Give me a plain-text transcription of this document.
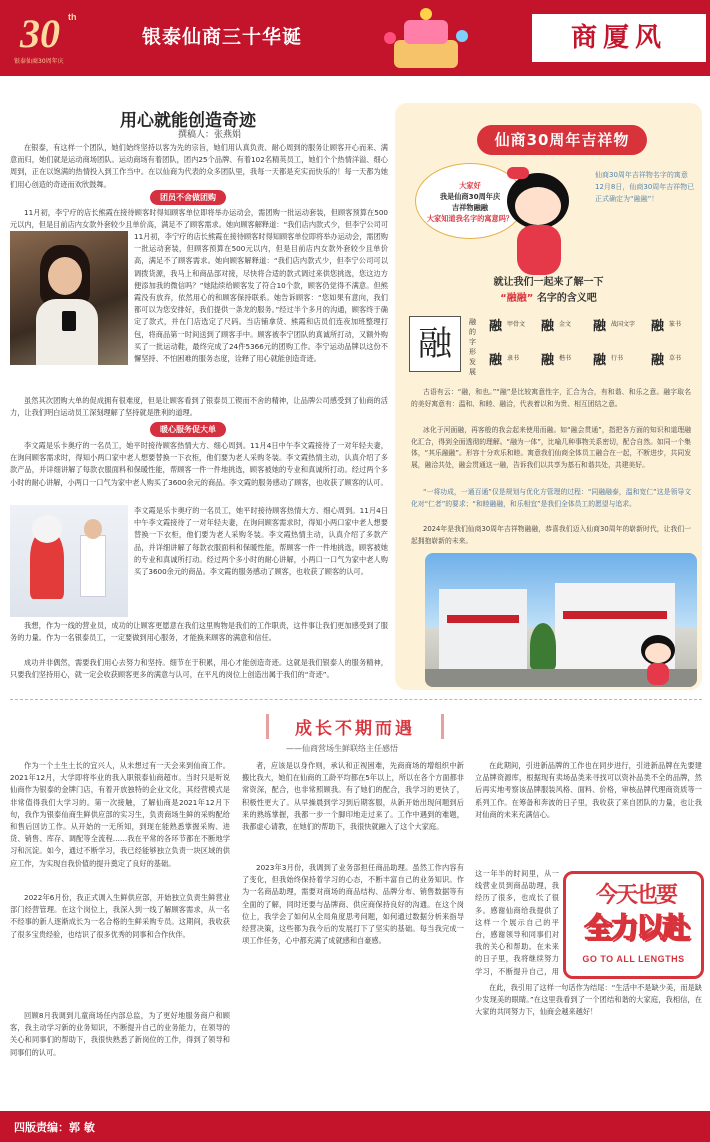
30 th
银泰仙商30周年庆
银泰仙商三十华诞	商厦风
用心就能创造奇迹
撰稿人：张燕娟
在银泰，有这样一个团队，她们始终坚持以客为先的宗旨，她们用认真负责、耐心周到的服务让顾客开心而来、满意而归，她们就是运动商场团队。运动商场有着团队，团内25个品牌、有着102名精英员工，她们个个热情洋溢、细心周到，正在以饱满的热情投入到工作当中。在以仙商为代表的众多团队里，我每一天都是充实而快乐的！每一天都为她们用心创造的奇迹而欢欣鼓舞。
团员不舍做团购
11月初，李宁疗的店长熊霞在接待顾客时得知顾客单位即将举办运动会，需团购一批运动套装，但顾客预算在500元以内，但是目前店内女款外套较少且单价高，满足不了顾客需求。她向顾客解释道：“我们店内款式少，但李宁公司可
11月初，李宁疗的店长熊霞在接待顾客时得知顾客单位即将举办运动会，需团购一批运动套装，但顾客预算在500元以内，但是目前店内女款外套较少且单价高，满足不了顾客需求。她向顾客解释道：“我们店内款式少，但李宁公司可以调拨货源，我马上和商品部对接，尽快将合适的款式调过来供您挑选，您这边方便添加我的微信吗？”她陆续给顾客发了符合10个款，顾客仍觉得不满意。但熊霞没有放弃，依然用心的和顾客保持联系。她告诉顾客：“您如果有意向，我们都可以为您安排好，我们提供一条龙的服务。”经过半个多月的沟通，顾客终于确定了款式，并在门店选定了尺码。当店铺拿货、熊霞和店员们连夜加班整理打包，将商品第一时间送到了顾客手中。顾客被李宁团队的真诚所打动，又额外购买了一批运动鞋，最终完成了24件5366元的团购工作。李宁运动品牌以这份不懈坚持、不怕困难的服务态度，诠释了用心就能创造奇迹。
虽然其次团购大单的促成拥有很难度，但是让顾客看到了银泰员工锲而不舍的精神，让品牌公司感受到了仙商的活力，让我们明白运动员工深刻理解了坚持就是胜利的道理。
暖心服务促大单
李文霞是乐卡奥疗的一名员工，她平时接待顾客热情大方、细心周到。11月4日中午李文霞接待了一对年轻夫妻，在询问顾客需求时，得知小两口家中老人想要替换一下衣柜，他们要为老人采购冬装。李文霞热情主动，认真介绍了多款产品，并详细讲解了每款衣服面料和保暖性能，帮顾客一件一件地挑选，顾客被她的专业和真诚所打动。经过两个多小时的耐心讲解，小两口一口气为家中老人购买了3600余元的商品。李文霞的服务感动了顾客，也收获了顾客的认可。
李文霞是乐卡奥疗的一名员工，她平时接待顾客热情大方、细心周到。11月4日中午李文霞接待了一对年轻夫妻，在询问顾客需求时，得知小两口家中老人想要替换一下衣柜，他们要为老人采购冬装。李文霞热情主动，认真介绍了多款产品，并详细讲解了每款衣服面料和保暖性能，帮顾客一件一件地挑选，顾客被她的专业和真诚所打动。经过两个多小时的耐心讲解，小两口一口气为家中老人购买了3600余元的商品。李文霞的服务感动了顾客，也收获了顾客的认可。
我想，作为一线的营业员，成功的让顾客更愿意在我们这里购物是我们的工作职责，这件事让我们更加感受到了服务的力量。作为一名银泰员工，一定要做到用心服务，才能换来顾客的满意和信任。
成功并非偶然，需要我们用心去努力和坚持。细节在于积累，用心才能创造奇迹。这就是我们银泰人的服务精神，只要我们坚持用心，就一定会收获顾客更多的满意与认可，在平凡的岗位上创造出属于我们的“奇迹”。
仙商30周年吉祥物
大家好
我是仙商30周年庆
吉祥物融融
大家知道我名字的寓意吗？
仙商30周年吉祥物名字的寓意12月8日，仙商30周年吉祥物已正式确定为“融融”！
就让我们一起来了解一下
“融融” 名字的含义吧
融
融的字形发展
融 甲骨文 融 金文 融 战国文字 融 篆书
融 隶书 融 楷书 融 行书 融 草书
古语有云：“融，和也。”“融”是比较寓意性字，汇合为合，有和谐、和乐之意。融字取名的美好寓意有：温和、和睦、融洽，代表着以和为贵、相互团结之意。
冰化于河面融，再客般的我会起来使用而融。如“融会贯通”，指把各方面的知识和道理融化汇合，得到全面透彻的理解。“融为一体”，比喻几种事物关系密切，配合自然。如同一个集体，“其乐融融”。形容十分欢乐和睦。寓意我们仙商全体员工融合在一起，不断进步，共同发展，融洽共处，融会贯通这一融，告诉我们以共享为基石和谐共处，共建美好。
“一将功成，一通百通”仅是规划与优化方管理的过程：“同融融泰，温和宽仁”这是领导文化对“仁者”的要求；“和睦融融，和乐相宜”是我们全体员工的愿望与追求。
2024年是我们仙商30周年吉祥物融融，恭喜我们迈入仙商30周年的崭新时代，让我们一起拥抱崭新的未来。
成长不期而遇
——仙商营场生鲜联络主任感悟
作为一个土生土长的宜兴人，从未想过有一天会来到仙商工作。2021年12月，大学即将毕业的我入职银泰仙商超市。当时只是听说仙商作为银泰的金牌门店，有着开放独特的企业文化，其经营模式是非常值得我们大学习的。第一次接触，了解仙商是2021年12月下旬，我作为银泰仙商生鲜供应部的实习生，负责商场生鲜的采购配给和售后回访工作。从开始的一无所知，到现在能熟悉掌握采购、进货、销售、库存、调配等全流程……我在平常的各环节都在不断地学习和沉淀。如今，通过不断学习，我已经能够独立负责一块区域的供应工作，为实现自我价值的提升奠定了良好的基础。
2022年6月份，我正式调入生鲜供应部，开始独立负责生鲜营业部门经营管理。在这个岗位上，我深入到一线了解顾客需求，从一名不经事的新人逐渐成长为一名合格的生鲜采购专员。这期间，我收获了很多宝贵经验，也结识了很多优秀的同事和合作伙伴。
回顾8月我调到儿童商场任内部总监，为了更好地服务商户和顾客，我主动学习新的业务知识，不断提升自己的业务能力，在领导的关心和同事们的帮助下，我很快熟悉了新岗位的工作，得到了领导和同事们的认可。
者，应该是以身作则，承认和正视困难，先商商场的增组织中新搬比我大，她们在仙商的工龄平均都在5年以上，所以在各个方面都非常资深，配合，也非常照顾我。有了她们的配合，我学习的更快了，积极性更大了。从早操晨到学习到后期客服，从新开始出现问题到后来的熟练掌握，我都一步一个脚印地走过来了。工作中遇到的难题，我都虚心请教，在她们的帮助下，我很快就融入了这个大家庭。
2023年3月份，我调到了业务部担任商品助理。虽然工作内容有了变化，但我始终保持着学习的心态，不断丰富自己的业务知识。作为一名商品助理，需要对商场的商品结构、品牌分布、销售数据等有全面的了解，同时还要与品牌商、供应商保持良好的沟通。在这个岗位上，我学会了如何从全局角度思考问题，如何通过数据分析来指导经营决策，这些都为我今后的发展打下了坚实的基础。每当我完成一项工作任务，心中都充满了成就感和自豪感。
在此期间，引进新品牌的工作也在同步进行，引进新品牌在先要建立品牌资源库，根据现有卖场品类来寻找可以资补品类不全的品牌，然后再实地考察该品牌服装风格、面料、价格，审核品牌代理商资质等一系列工作。在筹备和奔波的日子里，我收获了来自团队的力量，也让我对仙商的未来充满信心。
这一年半的时间里，从一线营业员到商品助理，我经历了很多，也成长了很多。感谢仙商给我提供了这样一个展示自己的平台，感谢领导和同事们对我的关心和帮助。在未来的日子里，我将继续努力学习，不断提升自己，用
在此，我引用了这样一句话作为结尾：“生活中不是缺少美，而是缺少发现美的眼睛。”在这里我看到了一个团结和谐的大家庭，我相信，在大家的共同努力下，仙商会越来越好！
今天也要
全力以赴
GO TO ALL LENGTHS
四版责编：郭 敏
